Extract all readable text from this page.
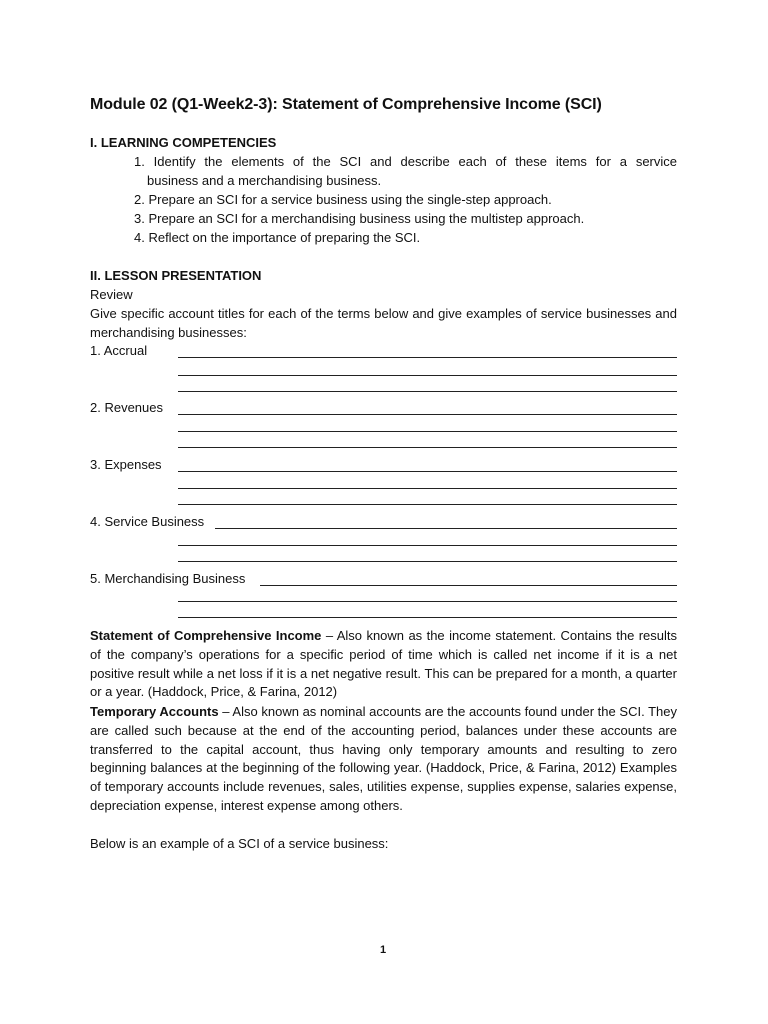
Module 02 (Q1-Week2-3): Statement of Comprehensive Income (SCI)
I. LEARNING COMPETENCIES
1. Identify the elements of the SCI and describe each of these items for a service
business and a merchandising business.
2. Prepare an SCI for a service business using the single-step approach.
3. Prepare an SCI for a merchandising business using the multistep approach.
4. Reflect on the importance of preparing the SCI.
II. LESSON PRESENTATION
Review
Give specific account titles for each of the terms below and give examples of service businesses and merchandising businesses:
1. Accrual
2. Revenues
3. Expenses
4. Service Business
5. Merchandising Business
Statement of Comprehensive Income – Also known as the income statement. Contains the results of the company’s operations for a specific period of time which is called net income if it is a net positive result while a net loss if it is a net negative result. This can be prepared for a month, a quarter or a year. (Haddock, Price, & Farina, 2012)
Temporary Accounts – Also known as nominal accounts are the accounts found under the SCI. They are called such because at the end of the accounting period, balances under these accounts are transferred to the capital account, thus having only temporary amounts and resulting to zero beginning balances at the beginning of the following year. (Haddock, Price, & Farina, 2012) Examples of temporary accounts include revenues, sales, utilities expense, supplies expense, salaries expense, depreciation expense, interest expense among others.
Below is an example of a SCI of a service business:
1
